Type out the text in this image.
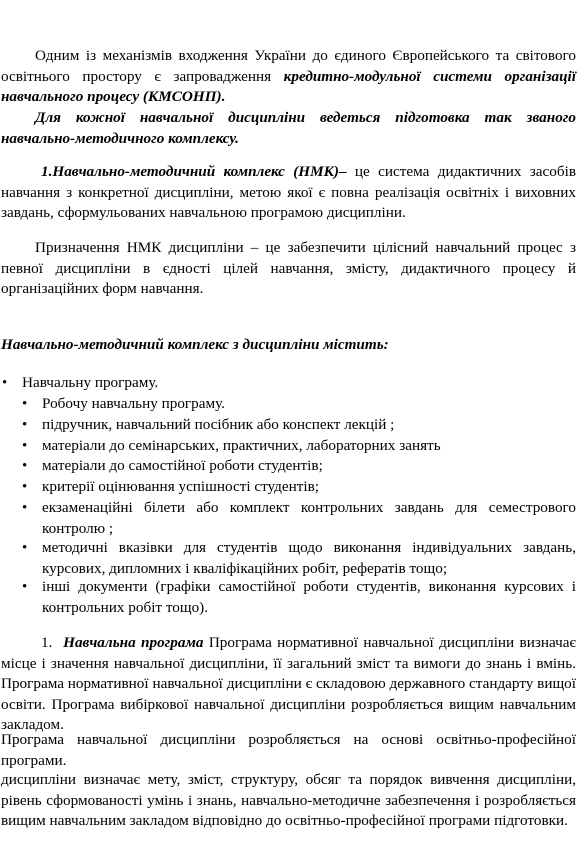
Одним із механізмів входження України до єдиного Європейського та світового освітнього простору є запровадження кредитно-модульної системи організації навчального процесу (КМСОНП).

Для кожної навчальної дисципліни ведеться підготовка так званого навчально-методичного комплексу.

1.Навчально-методичний комплекс (НМК)– це система дидактичних засобів навчання з конкретної дисципліни, метою якої є повна реалізація освітніх і виховних завдань, сформульованих навчальною програмою дисципліни.

Призначення НМК дисципліни – це забезпечити цілісний навчальний процес з певної дисципліни в єдності цілей навчання, змісту, дидактичного процесу й організаційних форм навчання.

Навчально-методичний комплекс з дисципліни містить:

• Навчальну програму.
• Робочу навчальну програму.
• підручник, навчальний посібник або конспект лекцій ;
• матеріали до семінарських, практичних, лабораторних занять
• матеріали до самостійної роботи студентів;
• критерії оцінювання успішності студентів;
• екзаменаційні білети або комплект контрольних завдань для семестрового контролю ;
• методичні вказівки для студентів щодо виконання індивідуальних завдань, курсових, дипломних і кваліфікаційних робіт, рефератів тощо;
• інші документи (графіки самостійної роботи студентів, виконання курсових і контрольних робіт тощо).

1. Навчальна програма Програма нормативної навчальної дисципліни визначає місце і значення навчальної дисципліни, її загальний зміст та вимоги до знань і вмінь. Програма нормативної навчальної дисципліни є складовою державного стандарту вищої освіти. Програма вибіркової навчальної дисципліни розробляється вищим навчальним закладом.

Програма навчальної дисципліни розробляється на основі освітньо-професійної програми.

дисципліни визначає мету, зміст, структуру, обсяг та порядок вивчення дисципліни, рівень сформованості умінь і знань, навчально-методичне забезпечення і розробляється вищим навчальним закладом відповідно до освітньо-професійної програми підготовки.
